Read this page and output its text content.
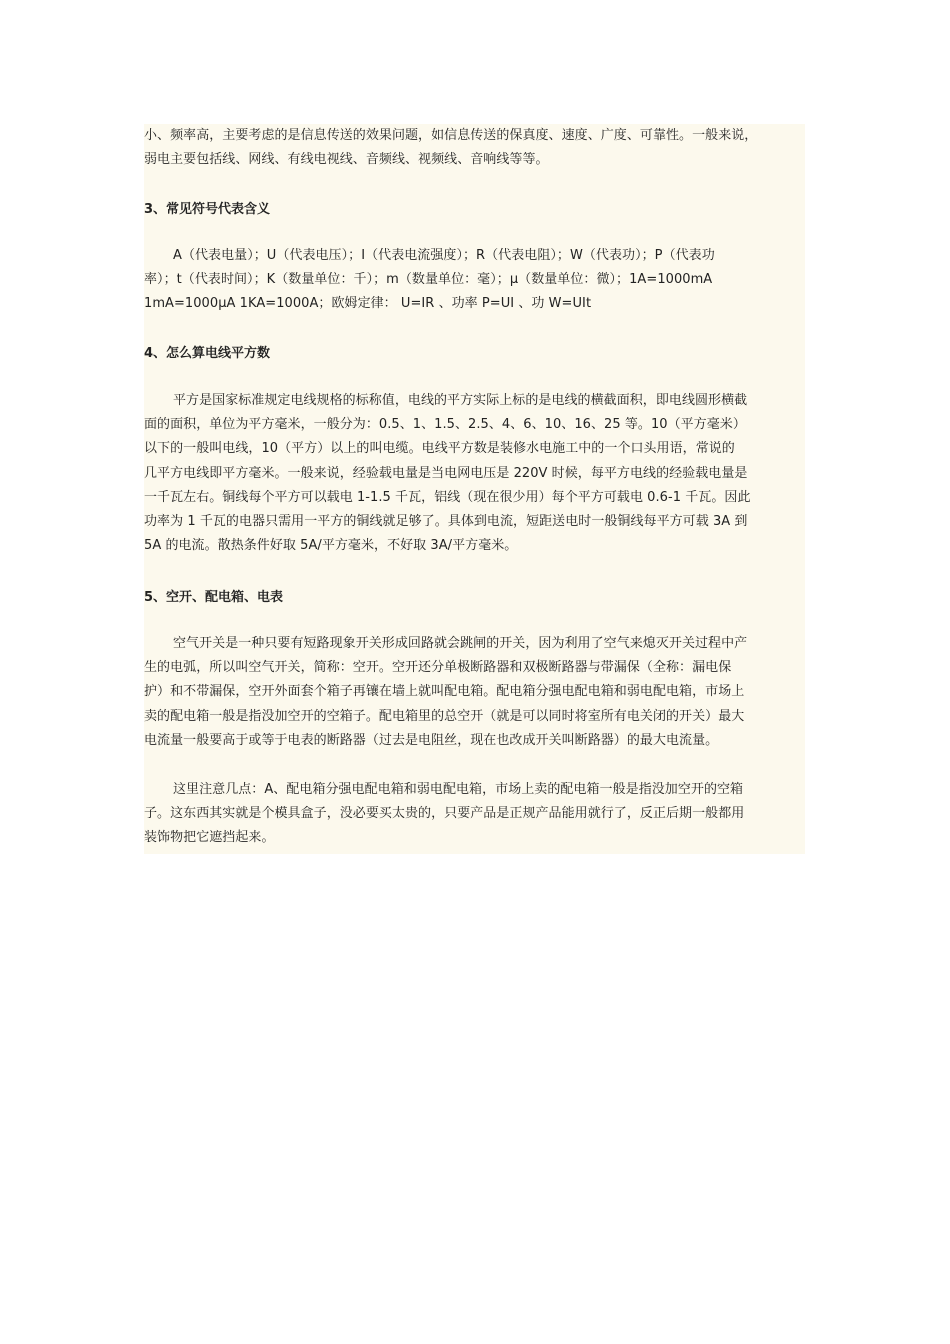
小、频率高，主要考虑的是信息传送的效果问题，如信息传送的保真度、速度、广度、可靠性。一般来说，
弱电主要包括线、网线、有线电视线、音频线、视频线、音响线等等。

3、常见符号代表含义

A（代表电量）；U（代表电压）；I（代表电流强度）；R（代表电阻）；W（代表功）；P（代表功
率）；t（代表时间）；K（数量单位：千）；m（数量单位：毫）；μ（数量单位：微）；1A=1000mA
1mA=1000μA 1KA=1000A；欧姆定律： U=IR 、功率 P=UI 、功 W=UIt

4、怎么算电线平方数

平方是国家标准规定电线规格的标称值，电线的平方实际上标的是电线的横截面积，即电线圆形横截
面的面积，单位为平方毫米，一般分为：0.5、1、1.5、2.5、4、6、10、16、25 等。10（平方毫米）
以下的一般叫电线，10（平方）以上的叫电缆。电线平方数是装修水电施工中的一个口头用语，常说的
几平方电线即平方毫米。一般来说，经验载电量是当电网电压是 220V 时候，每平方电线的经验载电量是
一千瓦左右。铜线每个平方可以载电 1-1.5 千瓦，铝线（现在很少用）每个平方可载电 0.6-1 千瓦。因此
功率为 1 千瓦的电器只需用一平方的铜线就足够了。具体到电流，短距送电时一般铜线每平方可载 3A 到
5A 的电流。散热条件好取 5A/平方毫米，不好取 3A/平方毫米。

5、空开、配电箱、电表

空气开关是一种只要有短路现象开关形成回路就会跳闸的开关，因为利用了空气来熄灭开关过程中产
生的电弧，所以叫空气开关，简称：空开。空开还分单极断路器和双极断路器与带漏保（全称：漏电保
护）和不带漏保，空开外面套个箱子再镶在墙上就叫配电箱。配电箱分强电配电箱和弱电配电箱，市场上
卖的配电箱一般是指没加空开的空箱子。配电箱里的总空开（就是可以同时将室所有电关闭的开关）最大
电流量一般要高于或等于电表的断路器（过去是电阻丝，现在也改成开关叫断路器）的最大电流量。

这里注意几点：A、配电箱分强电配电箱和弱电配电箱，市场上卖的配电箱一般是指没加空开的空箱
子。这东西其实就是个模具盒子，没必要买太贵的，只要产品是正规产品能用就行了，反正后期一般都用
装饰物把它遮挡起来。
